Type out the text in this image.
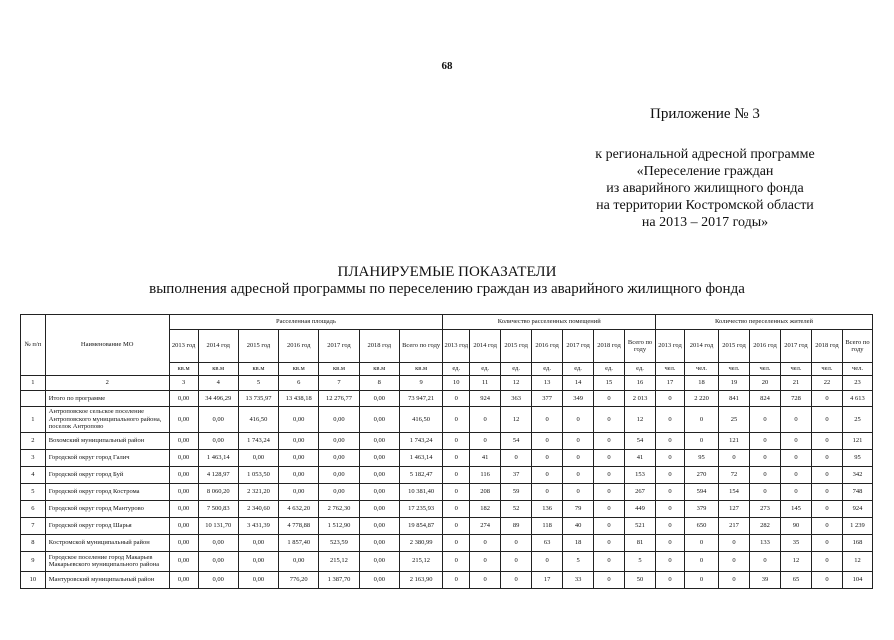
68
Приложение № 3
к региональной адресной программе
«Переселение граждан
из аварийного жилищного фонда
на территории Костромской области
на 2013 – 2017 годы»
ПЛАНИРУЕМЫЕ ПОКАЗАТЕЛИ
выполнения адресной программы по переселению граждан из аварийного жилищного фонда
№ п/п	Наименование МО	Расселенная площадь							Количество расселенных помещений							Количество переселенных жителей						
		2013 год	2014 год	2015 год	2016 год	2017 год	2018 год	Всего по году	2013 год	2014 год	2015 год	2016 год	2017 год	2018 год	Всего по году	2013 год	2014 год	2015 год	2016 год	2017 год	2018 год	Всего по году
		кв.м	кв.м	кв.м	кв.м	кв.м	кв.м	кв.м	ед.	ед.	ед.	ед.	ед.	ед.	ед.	чел.	чел.	чел.	чел.	чел.	чел.	чел.
1	2	3	4	5	6	7	8	9	10	11	12	13	14	15	16	17	18	19	20	21	22	23
	Итого по программе	0,00	34 496,29	13 735,97	13 438,18	12 276,77	0,00	73 947,21	0	924	363	377	349	0	2 013	0	2 220	841	824	728	0	4 613
1	Антроповское сельское поселение Антроповского муниципального района, поселок Антропово	0,00	0,00	416,50	0,00	0,00	0,00	416,50	0	0	12	0	0	0	12	0	0	25	0	0	0	25
2	Вохомский муниципальный район	0,00	0,00	1 743,24	0,00	0,00	0,00	1 743,24	0	0	54	0	0	0	54	0	0	121	0	0	0	121
3	Городской округ город Галич	0,00	1 463,14	0,00	0,00	0,00	0,00	1 463,14	0	41	0	0	0	0	41	0	95	0	0	0	0	95
4	Городской округ город Буй	0,00	4 128,97	1 053,50	0,00	0,00	0,00	5 182,47	0	116	37	0	0	0	153	0	270	72	0	0	0	342
5	Городской округ город Кострома	0,00	8 060,20	2 321,20	0,00	0,00	0,00	10 381,40	0	208	59	0	0	0	267	0	594	154	0	0	0	748
6	Городской округ город Мантурово	0,00	7 500,83	2 340,60	4 632,20	2 762,30	0,00	17 235,93	0	182	52	136	79	0	449	0	379	127	273	145	0	924
7	Городской округ город Шарья	0,00	10 131,70	3 431,39	4 778,88	1 512,90	0,00	19 854,87	0	274	89	118	40	0	521	0	650	217	282	90	0	1 239
8	Костромской муниципальный район	0,00	0,00	0,00	1 857,40	523,59	0,00	2 380,99	0	0	0	63	18	0	81	0	0	0	133	35	0	168
9	Городское поселение город Макарьев Макарьевского муниципального района	0,00	0,00	0,00	0,00	215,12	0,00	215,12	0	0	0	0	5	0	5	0	0	0	0	12	0	12
10	Мантуровский муниципальный район	0,00	0,00	0,00	776,20	1 387,70	0,00	2 163,90	0	0	0	17	33	0	50	0	0	0	39	65	0	104
